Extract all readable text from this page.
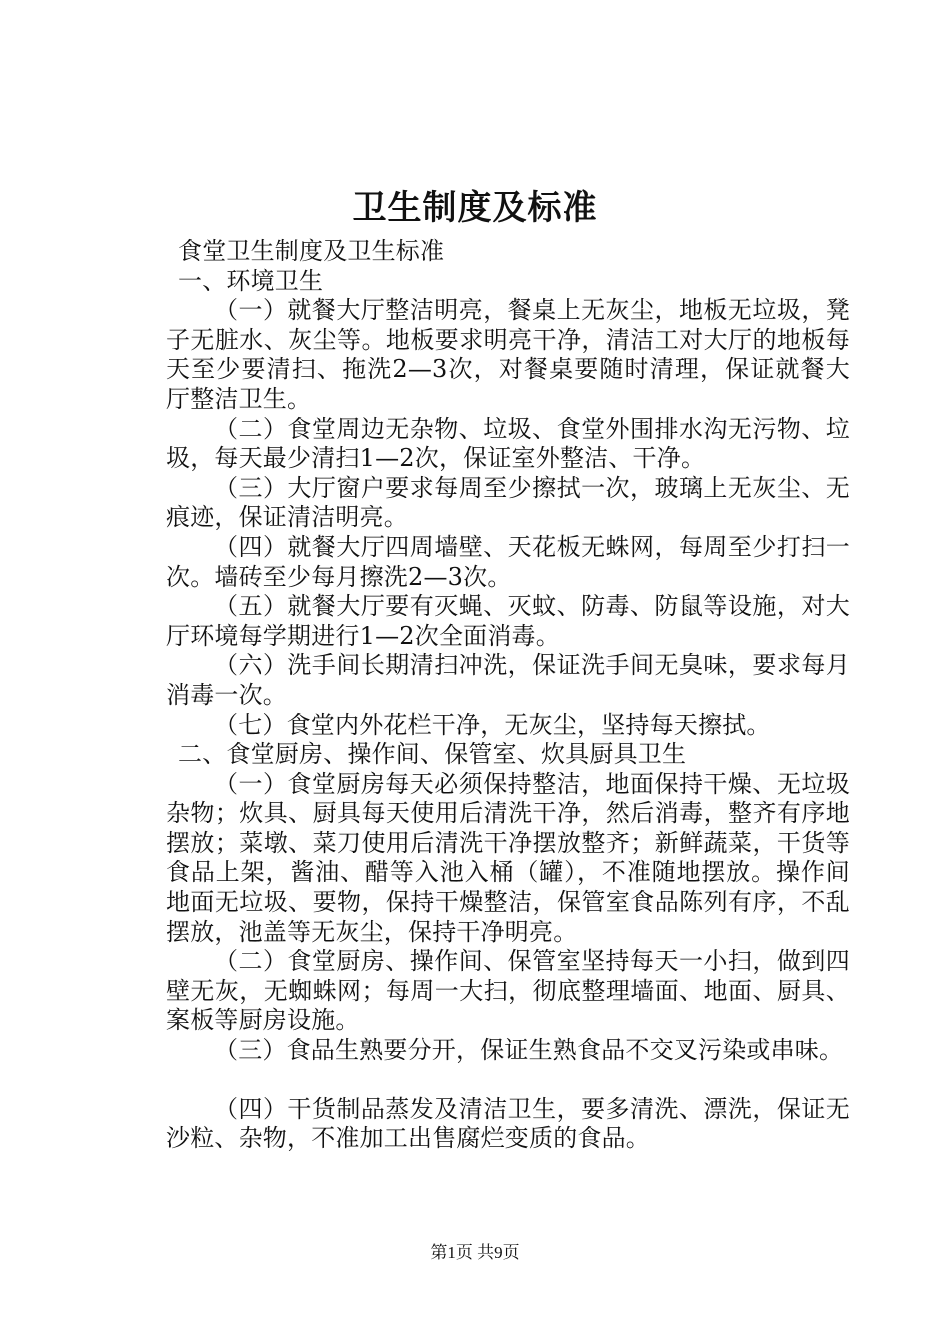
卫生制度及标准

食堂卫生制度及卫生标准

一、环境卫生

（一）就餐大厅整洁明亮，餐桌上无灰尘，地板无垃圾，凳子无脏水、灰尘等。地板要求明亮干净，清洁工对大厅的地板每天至少要清扫、拖洗2—3次，对餐桌要随时清理，保证就餐大厅整洁卫生。

（二）食堂周边无杂物、垃圾、食堂外围排水沟无污物、垃圾，每天最少清扫1—2次，保证室外整洁、干净。

（三）大厅窗户要求每周至少擦拭一次，玻璃上无灰尘、无痕迹，保证清洁明亮。

（四）就餐大厅四周墙壁、天花板无蛛网，每周至少打扫一次。墙砖至少每月擦洗2—3次。

（五）就餐大厅要有灭蝇、灭蚊、防毒、防鼠等设施，对大厅环境每学期进行1—2次全面消毒。

（六）洗手间长期清扫冲洗，保证洗手间无臭味，要求每月消毒一次。

（七）食堂内外花栏干净，无灰尘，坚持每天擦拭。

二、食堂厨房、操作间、保管室、炊具厨具卫生

（一）食堂厨房每天必须保持整洁，地面保持干燥、无垃圾杂物；炊具、厨具每天使用后清洗干净，然后消毒，整齐有序地摆放；菜墩、菜刀使用后清洗干净摆放整齐；新鲜蔬菜，干货等食品上架，酱油、醋等入池入桶（罐），不准随地摆放。操作间地面无垃圾、要物，保持干燥整洁，保管室食品陈列有序，不乱摆放，池盖等无灰尘，保持干净明亮。

（二）食堂厨房、操作间、保管室坚持每天一小扫，做到四壁无灰，无蜘蛛网；每周一大扫，彻底整理墙面、地面、厨具、案板等厨房设施。

（三）食品生熟要分开，保证生熟食品不交叉污染或串味。

（四）干货制品蒸发及清洁卫生，要多清洗、漂洗，保证无沙粒、杂物，不准加工出售腐烂变质的食品。

第1页 共9页
